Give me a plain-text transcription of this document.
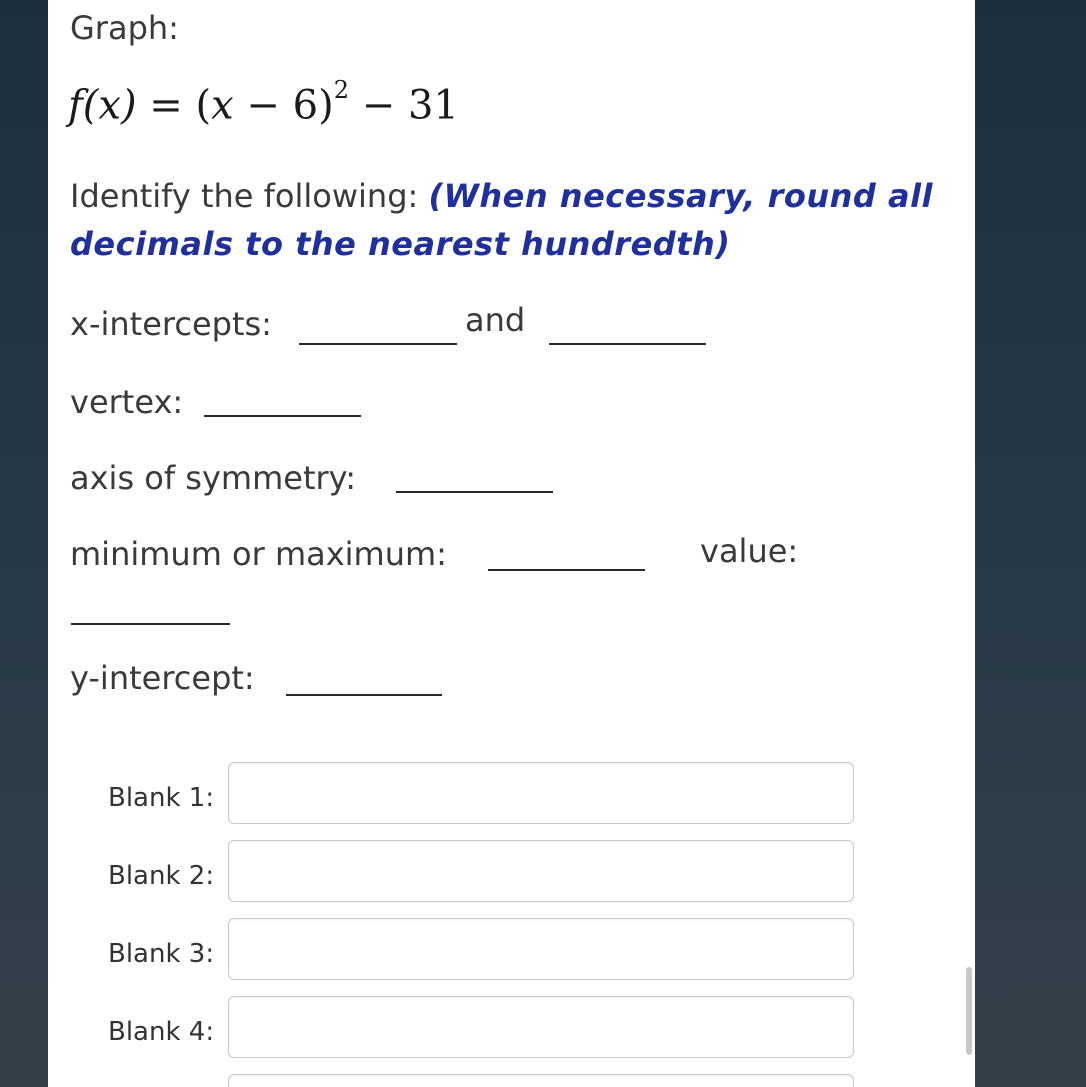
Graph:
$f(x) = (x - 6)^2 - 31$
Identify the following: (When necessary, round all
decimals to the nearest hundredth)
x-intercepts:	and
vertex:
axis of symmetry:
minimum or maximum:	value:
y-intercept:
Blank 1:
Blank 2:
Blank 3:
Blank 4:
